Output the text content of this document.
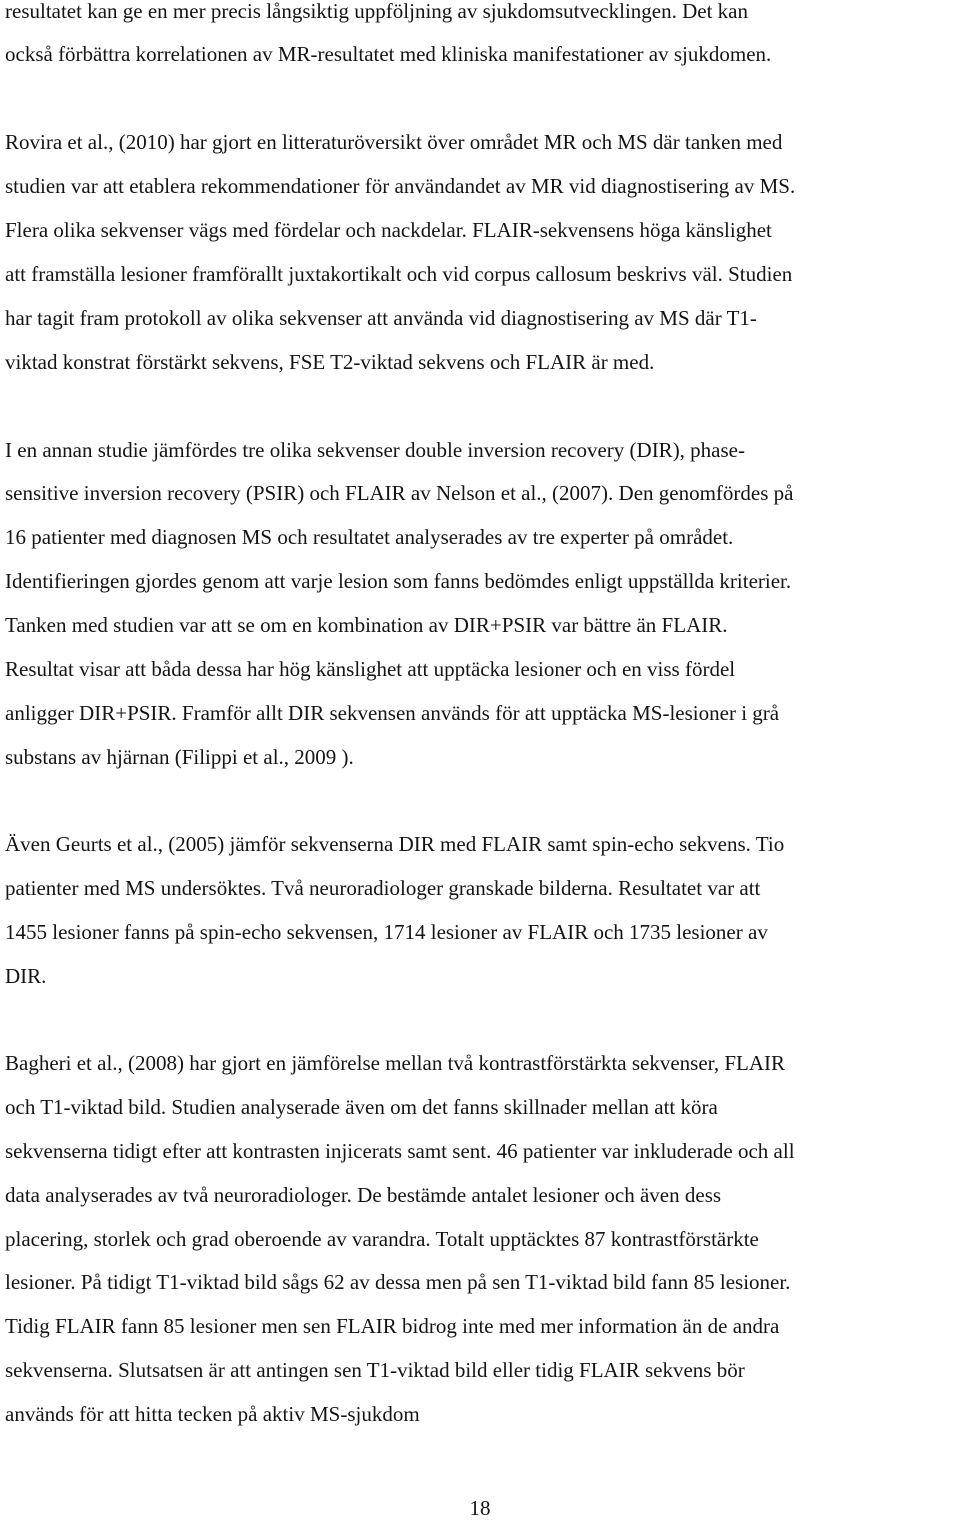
resultatet kan ge en mer precis långsiktig uppföljning av sjukdomsutvecklingen. Det kan
också förbättra korrelationen av MR-resultatet med kliniska manifestationer av sjukdomen.
Rovira et al., (2010) har gjort en litteraturöversikt över området MR och MS där tanken med
studien var att etablera rekommendationer för användandet av MR vid diagnostisering av MS.
Flera olika sekvenser vägs med fördelar och nackdelar. FLAIR-sekvensens höga känslighet
att framställa lesioner framförallt juxtakortikalt och vid corpus callosum beskrivs väl. Studien
har tagit fram protokoll av olika sekvenser att använda vid diagnostisering av MS där T1-
viktad konstrat förstärkt sekvens, FSE T2-viktad sekvens och FLAIR är med.
I en annan studie jämfördes tre olika sekvenser double inversion recovery (DIR), phase-
sensitive inversion recovery (PSIR) och FLAIR av Nelson et al., (2007). Den genomfördes på
16 patienter med diagnosen MS och resultatet analyserades av tre experter på området.
Identifieringen gjordes genom att varje lesion som fanns bedömdes enligt uppställda kriterier.
Tanken med studien var att se om en kombination av DIR+PSIR var bättre än FLAIR.
Resultat visar att båda dessa har hög känslighet att upptäcka lesioner och en viss fördel
anligger DIR+PSIR. Framför allt DIR sekvensen används för att upptäcka MS-lesioner i grå
substans av hjärnan (Filippi et al., 2009 ).
Även Geurts et al., (2005) jämför sekvenserna DIR med FLAIR samt spin-echo sekvens. Tio
patienter med MS undersöktes. Två neuroradiologer granskade bilderna. Resultatet var att
1455 lesioner fanns på spin-echo sekvensen, 1714 lesioner av FLAIR och 1735 lesioner av
DIR.
Bagheri et al., (2008) har gjort en jämförelse mellan två kontrastförstärkta sekvenser, FLAIR
och T1-viktad bild. Studien analyserade även om det fanns skillnader mellan att köra
sekvenserna tidigt efter att kontrasten injicerats samt sent. 46 patienter var inkluderade och all
data analyserades av två neuroradiologer. De bestämde antalet lesioner och även dess
placering, storlek och grad oberoende av varandra. Totalt upptäcktes 87 kontrastförstärkte
lesioner. På tidigt T1-viktad bild sågs 62 av dessa men på sen T1-viktad bild fann 85 lesioner.
Tidig FLAIR fann 85 lesioner men sen FLAIR bidrog inte med mer information än de andra
sekvenserna. Slutsatsen är att antingen sen T1-viktad bild eller tidig FLAIR sekvens bör
används för att hitta tecken på aktiv MS-sjukdom
18
